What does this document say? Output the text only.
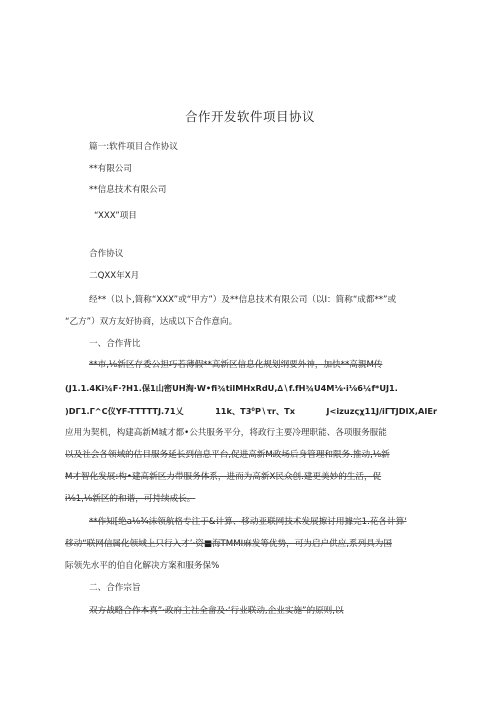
合作开发软件项目协议
篇一:软件项目合作协议
**有限公司
**信息技术有限公司
“XXX”项目
合作协议
二QXX年X月
经**（以卜,简称“XXX”或“甲方”）及**信息技术有限公司（以I：简称“成都**”或
“乙方”）双方友好协商，达成以下合作意向。
一、合作背比
**市,⅛新区存委公担巧若薄假**高新区信息化规划纲要外神，加快**高親M传
(J1.1.4Ki¾F·?H1.保1山密UH淘·W•fi¾tilMHxRdU,∆∖f.fH¾U4M⅛·i⅛6¼f*UJ1.
)DΓ1.Γ^C仪YF-TTTTTJ.71乂	11k、T3⁰P∖τr、Tx	J<izuzςχ11J/iΓTJDIX,AIEr
应用为契机，构建高新M城才都•公共服务平分，将政行主要冷理职能、各项服务服能
以及社会各领域的估目服务延长到信息平台,促进高新M政场后身管理和限务.推动,⅛新
M才智化发展:构•建高新区力带服务体系，进而为高新X民众创.建更美妙的生活，促
i⅛1,⅛新区的和谐，可持续成长。
**作知[绝a⅛¾沫领航格专注于&计算、移动亚联网技术发展擦讨用據完1.花各计算'
移动“联网信属化领域上只行入才’·资■海TMMI麻发等优势，可为启户供应,系列具为国
际领先水平的伯自化解决方案和服务保%
二、合作宗旨
双方战略合作本真”·政府主社全畲及·‘行业联动,企业实施”的原则,以
